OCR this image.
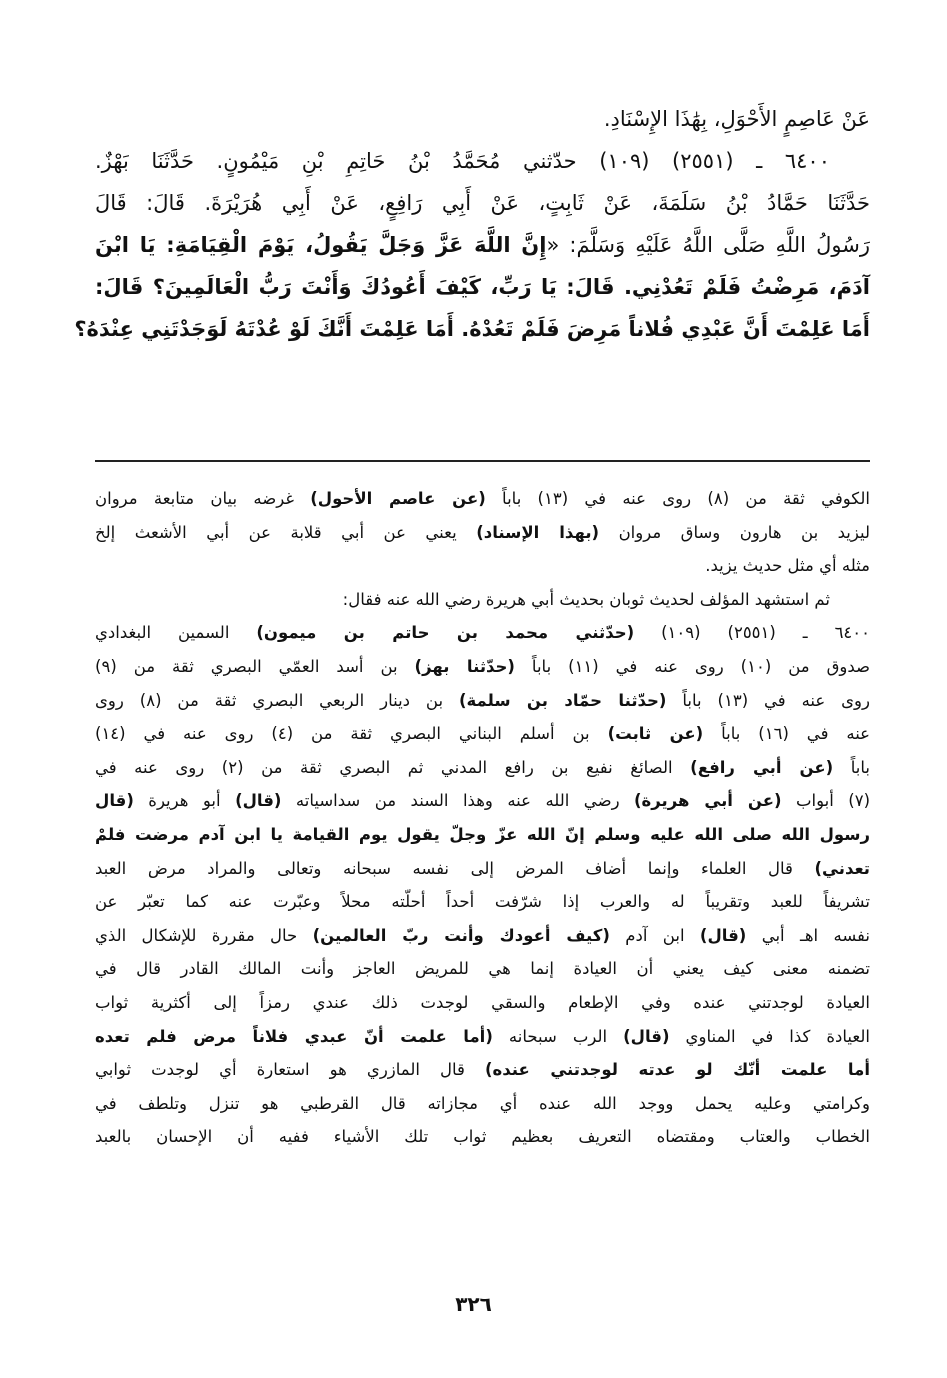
عَنْ عَاصِمٍ الأَحْوَلِ، بِهَٰذَا الإِسْنَادِ.
٦٤٠٠ ـ (٢٥٥١) (١٠٩) حدّثني مُحَمَّدُ بْنُ حَاتِمِ بْنِ مَيْمُونٍ. حَدَّثَنَا بَهْزٌ.
حَدَّثَنَا حَمَّادُ بْنُ سَلَمَةَ، عَنْ ثَابِتٍ، عَنْ أَبِي رَافِعٍ، عَنْ أَبِي هُرَيْرَةَ. قَالَ: قَالَ
رَسُولُ اللَّهِ صَلَّى اللَّهُ عَلَيْهِ وَسَلَّمَ: «إِنَّ اللَّهَ عَزَّ وَجَلَّ يَقُولُ، يَوْمَ الْقِيَامَةِ: يَا ابْنَ
آدَمَ، مَرِضْتُ فَلَمْ تَعُدْنِي. قَالَ: يَا رَبِّ، كَيْفَ أَعُودُكَ وَأَنْتَ رَبُّ الْعَالَمِينَ؟ قَالَ:
أَمَا عَلِمْتَ أَنَّ عَبْدِي فُلاناً مَرِضَ فَلَمْ تَعُدْهُ. أَمَا عَلِمْتَ أَنَّكَ لَوْ عُدْتَهُ لَوَجَدْتَنِي عِنْدَهُ؟
الكوفي ثقة من (٨) روى عنه في (١٣) باباً (عن عاصم الأحول) غرضه بيان متابعة مروان
ليزيد بن هارون وساق مروان (بهذا الإسناد) يعني عن أبي قلابة عن أبي الأشعث إلخ
مثله أي مثل حديث يزيد.
ثم استشهد المؤلف لحديث ثوبان بحديث أبي هريرة رضي الله عنه فقال:
٦٤٠٠ ـ (٢٥٥١) (١٠٩) (حدّثني محمد بن حاتم بن ميمون) السمين البغدادي
صدوق من (١٠) روى عنه في (١١) باباً (حدّثنا بهز) بن أسد العمّي البصري ثقة من (٩)
روى عنه في (١٣) باباً (حدّثنا حمّاد بن سلمة) بن دينار الربعي البصري ثقة من (٨) روى
عنه في (١٦) باباً (عن ثابت) بن أسلم البناني البصري ثقة من (٤) روى عنه في (١٤)
باباً (عن أبي رافع) الصائغ نفيع بن رافع المدني ثم البصري ثقة من (٢) روى عنه في
(٧) أبواب (عن أبي هريرة) رضي الله عنه وهذا السند من سداسياته (قال) أبو هريرة (قال
رسول الله صلى الله عليه وسلم إنّ الله عزّ وجلّ يقول يوم القيامة يا ابن آدم مرضت فلمْ
تعدني) قال العلماء وإنما أضاف المرض إلى نفسه سبحانه وتعالى والمراد مرض العبد
تشريفاً للعبد وتقريباً له والعرب إذا شرّفت أحداً أحلّته محلاً وعبّرت عنه كما تعبّر عن
نفسه اهـ أبي (قال) ابن آدم (كيف أعودك وأنت ربّ العالمين) حال مقررة للإشكال الذي
تضمنه معنى كيف يعني أن العيادة إنما هي للمريض العاجز وأنت المالك القادر قال في
العيادة لوجدتني عنده وفي الإطعام والسقي لوجدت ذلك عندي رمزاً إلى أكثرية ثواب
العيادة كذا في المناوي (قال) الرب سبحانه (أما علمت أنّ عبدي فلاناً مرض فلم تعده
أما علمت أنّك لو عدته لوجدتني عنده) قال المازري هو استعارة أي لوجدت ثوابي
وكرامتي وعليه يحمل ووجد الله عنده أي مجازاته قال القرطبي هو تنزل وتلطف في
الخطاب والعتاب ومقتضاه التعريف بعظيم ثواب تلك الأشياء ففيه أن الإحسان بالعبد
٣٢٦
